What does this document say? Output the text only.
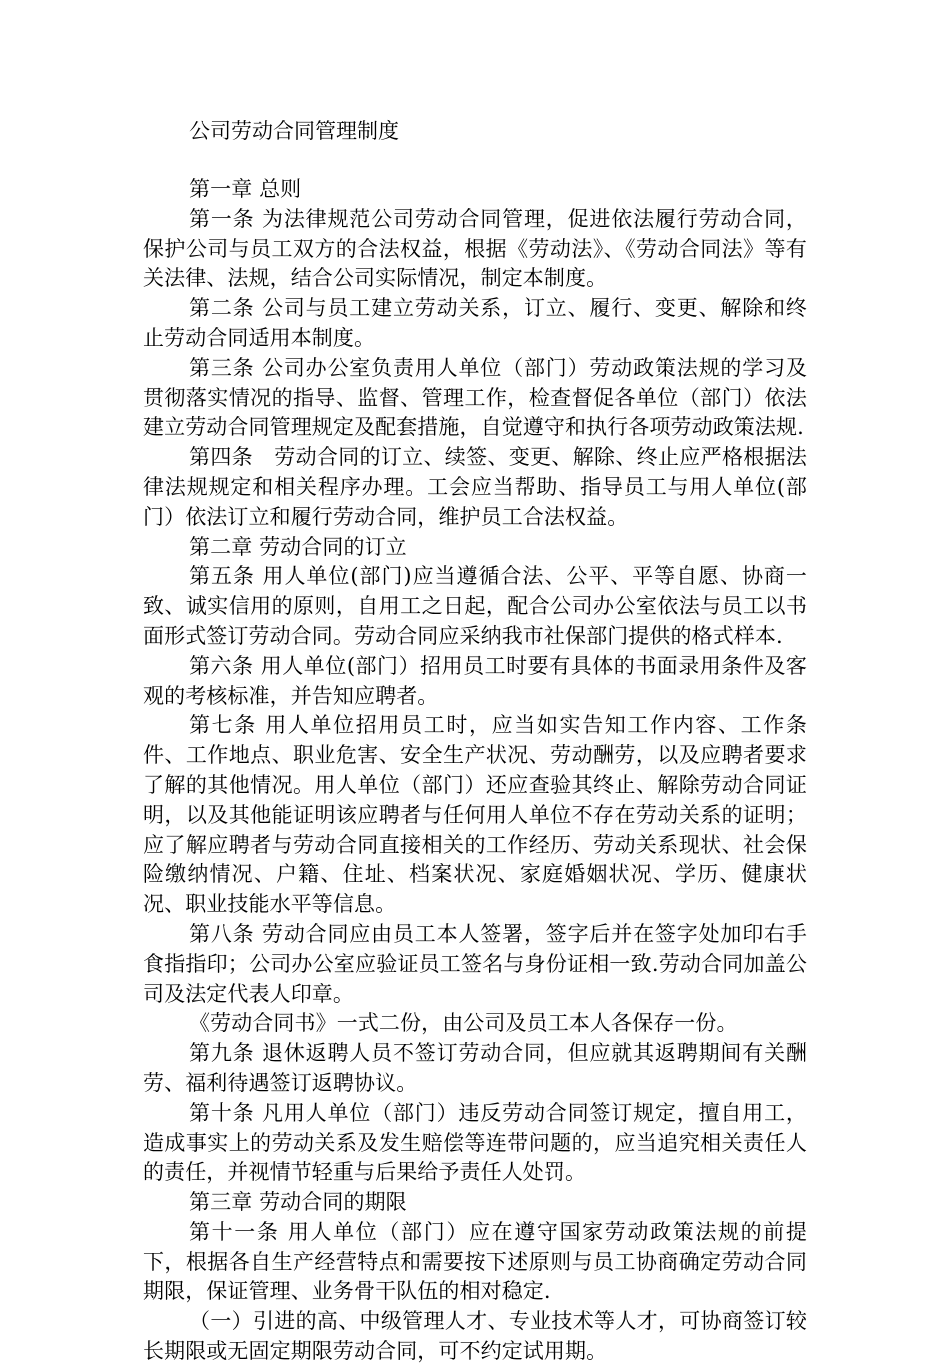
公司劳动合同管理制度

第一章 总则

第一条 为法律规范公司劳动合同管理，促进依法履行劳动合同，保护公司与员工双方的合法权益，根据《劳动法》、《劳动合同法》等有关法律、法规，结合公司实际情况，制定本制度。

第二条 公司与员工建立劳动关系，订立、履行、变更、解除和终止劳动合同适用本制度。

第三条 公司办公室负责用人单位（部门）劳动政策法规的学习及贯彻落实情况的指导、监督、管理工作，检查督促各单位（部门）依法建立劳动合同管理规定及配套措施，自觉遵守和执行各项劳动政策法规.

第四条　劳动合同的订立、续签、变更、解除、终止应严格根据法律法规规定和相关程序办理。工会应当帮助、指导员工与用人单位(部门）依法订立和履行劳动合同，维护员工合法权益。

第二章 劳动合同的订立

第五条 用人单位(部门)应当遵循合法、公平、平等自愿、协商一致、诚实信用的原则，自用工之日起，配合公司办公室依法与员工以书面形式签订劳动合同。劳动合同应采纳我市社保部门提供的格式样本.

第六条 用人单位(部门）招用员工时要有具体的书面录用条件及客观的考核标准，并告知应聘者。

第七条 用人单位招用员工时，应当如实告知工作内容、工作条件、工作地点、职业危害、安全生产状况、劳动酬劳，以及应聘者要求了解的其他情况。用人单位（部门）还应查验其终止、解除劳动合同证明，以及其他能证明该应聘者与任何用人单位不存在劳动关系的证明；应了解应聘者与劳动合同直接相关的工作经历、劳动关系现状、社会保险缴纳情况、户籍、住址、档案状况、家庭婚姻状况、学历、健康状况、职业技能水平等信息。

第八条 劳动合同应由员工本人签署，签字后并在签字处加印右手食指指印；公司办公室应验证员工签名与身份证相一致.劳动合同加盖公司及法定代表人印章。

《劳动合同书》一式二份，由公司及员工本人各保存一份。

第九条 退休返聘人员不签订劳动合同，但应就其返聘期间有关酬劳、福利待遇签订返聘协议。

第十条 凡用人单位（部门）违反劳动合同签订规定，擅自用工，造成事实上的劳动关系及发生赔偿等连带问题的，应当追究相关责任人的责任，并视情节轻重与后果给予责任人处罚。

第三章 劳动合同的期限

第十一条 用人单位（部门）应在遵守国家劳动政策法规的前提下，根据各自生产经营特点和需要按下述原则与员工协商确定劳动合同期限，保证管理、业务骨干队伍的相对稳定.

（一）引进的高、中级管理人才、专业技术等人才，可协商签订较长期限或无固定期限劳动合同，可不约定试用期。
